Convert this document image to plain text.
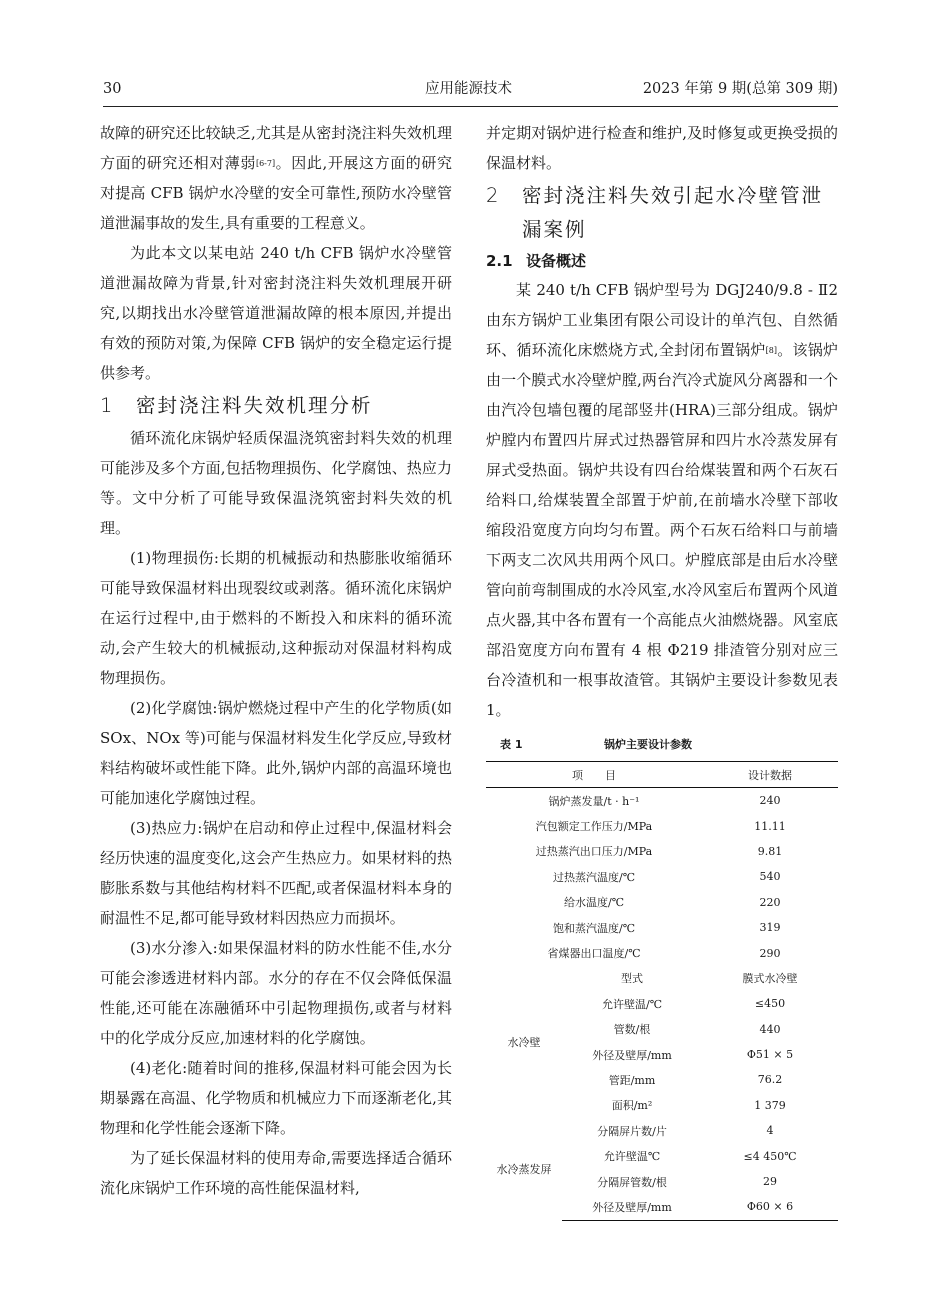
30	应用能源技术	2023 年第 9 期(总第 309 期)

故障的研究还比较缺乏,尤其是从密封浇注料失效机理方面的研究还相对薄弱[6-7]。因此,开展这方面的研究对提高 CFB 锅炉水冷壁的安全可靠性,预防水冷壁管道泄漏事故的发生,具有重要的工程意义。

为此本文以某电站 240 t/h CFB 锅炉水冷壁管道泄漏故障为背景,针对密封浇注料失效机理展开研究,以期找出水冷壁管道泄漏故障的根本原因,并提出有效的预防对策,为保障 CFB 锅炉的安全稳定运行提供参考。

1	密封浇注料失效机理分析

循环流化床锅炉轻质保温浇筑密封料失效的机理可能涉及多个方面,包括物理损伤、化学腐蚀、热应力等。文中分析了可能导致保温浇筑密封料失效的机理。

(1)物理损伤:长期的机械振动和热膨胀收缩循环可能导致保温材料出现裂纹或剥落。循环流化床锅炉在运行过程中,由于燃料的不断投入和床料的循环流动,会产生较大的机械振动,这种振动对保温材料构成物理损伤。

(2)化学腐蚀:锅炉燃烧过程中产生的化学物质(如 SOx、NOx 等)可能与保温材料发生化学反应,导致材料结构破坏或性能下降。此外,锅炉内部的高温环境也可能加速化学腐蚀过程。

(3)热应力:锅炉在启动和停止过程中,保温材料会经历快速的温度变化,这会产生热应力。如果材料的热膨胀系数与其他结构材料不匹配,或者保温材料本身的耐温性不足,都可能导致材料因热应力而损坏。

(3)水分渗入:如果保温材料的防水性能不佳,水分可能会渗透进材料内部。水分的存在不仅会降低保温性能,还可能在冻融循环中引起物理损伤,或者与材料中的化学成分反应,加速材料的化学腐蚀。

(4)老化:随着时间的推移,保温材料可能会因为长期暴露在高温、化学物质和机械应力下而逐渐老化,其物理和化学性能会逐渐下降。

为了延长保温材料的使用寿命,需要选择适合循环流化床锅炉工作环境的高性能保温材料,

并定期对锅炉进行检查和维护,及时修复或更换受损的保温材料。

2	密封浇注料失效引起水冷壁管泄漏案例
2.1 设备概述

某 240 t/h CFB 锅炉型号为 DGJ240/9.8 - Ⅱ2 由东方锅炉工业集团有限公司设计的单汽包、自然循环、循环流化床燃烧方式,全封闭布置锅炉[8]。该锅炉由一个膜式水冷壁炉膛,两台汽冷式旋风分离器和一个由汽冷包墙包覆的尾部竖井(HRA)三部分组成。锅炉炉膛内布置四片屏式过热器管屏和四片水冷蒸发屏有屏式受热面。锅炉共设有四台给煤装置和两个石灰石给料口,给煤装置全部置于炉前,在前墙水冷壁下部收缩段沿宽度方向均匀布置。两个石灰石给料口与前墙下两支二次风共用两个风口。炉膛底部是由后水冷壁管向前弯制围成的水冷风室,水冷风室后布置两个风道点火器,其中各布置有一个高能点火油燃烧器。风室底部沿宽度方向布置有 4 根 Φ219 排渣管分别对应三台冷渣机和一根事故渣管。其锅炉主要设计参数见表 1。

表 1	锅炉主要设计参数
项　　目		设计数据
锅炉蒸发量/t · h⁻¹		240
汽包额定工作压力/MPa		11.11
过热蒸汽出口压力/MPa		9.81
过热蒸汽温度/℃		540
给水温度/℃		220
饱和蒸汽温度/℃		319
省煤器出口温度/℃		290
水冷壁	型式	膜式水冷壁
	允许壁温/℃	≤450
	管数/根	440
	外径及壁厚/mm	Φ51 × 5
	管距/mm	76.2
	面积/m²	1 379
水冷蒸发屏	分隔屏片数/片	4
	允许壁温℃	≤4 450℃
	分隔屏管数/根	29
	外径及壁厚/mm	Φ60 × 6
